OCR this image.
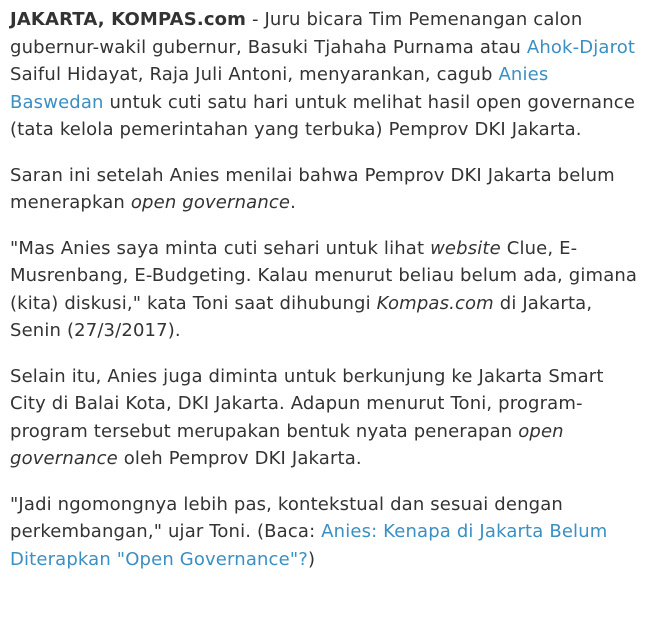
JAKARTA, KOMPAS.com - Juru bicara Tim Pemenangan calon gubernur-wakil gubernur, Basuki Tjahaha Purnama atau Ahok-Djarot Saiful Hidayat, Raja Juli Antoni, menyarankan, cagub Anies Baswedan untuk cuti satu hari untuk melihat hasil open governance (tata kelola pemerintahan yang terbuka) Pemprov DKI Jakarta.

Saran ini setelah Anies menilai bahwa Pemprov DKI Jakarta belum menerapkan open governance.

"Mas Anies saya minta cuti sehari untuk lihat website Clue, E-Musrenbang, E-Budgeting. Kalau menurut beliau belum ada, gimana (kita) diskusi," kata Toni saat dihubungi Kompas.com di Jakarta, Senin (27/3/2017).

Selain itu, Anies juga diminta untuk berkunjung ke Jakarta Smart City di Balai Kota, DKI Jakarta. Adapun menurut Toni, program-program tersebut merupakan bentuk nyata penerapan open governance oleh Pemprov DKI Jakarta.

"Jadi ngomongnya lebih pas, kontekstual dan sesuai dengan perkembangan," ujar Toni. (Baca: Anies: Kenapa di Jakarta Belum Diterapkan "Open Governance"?)
